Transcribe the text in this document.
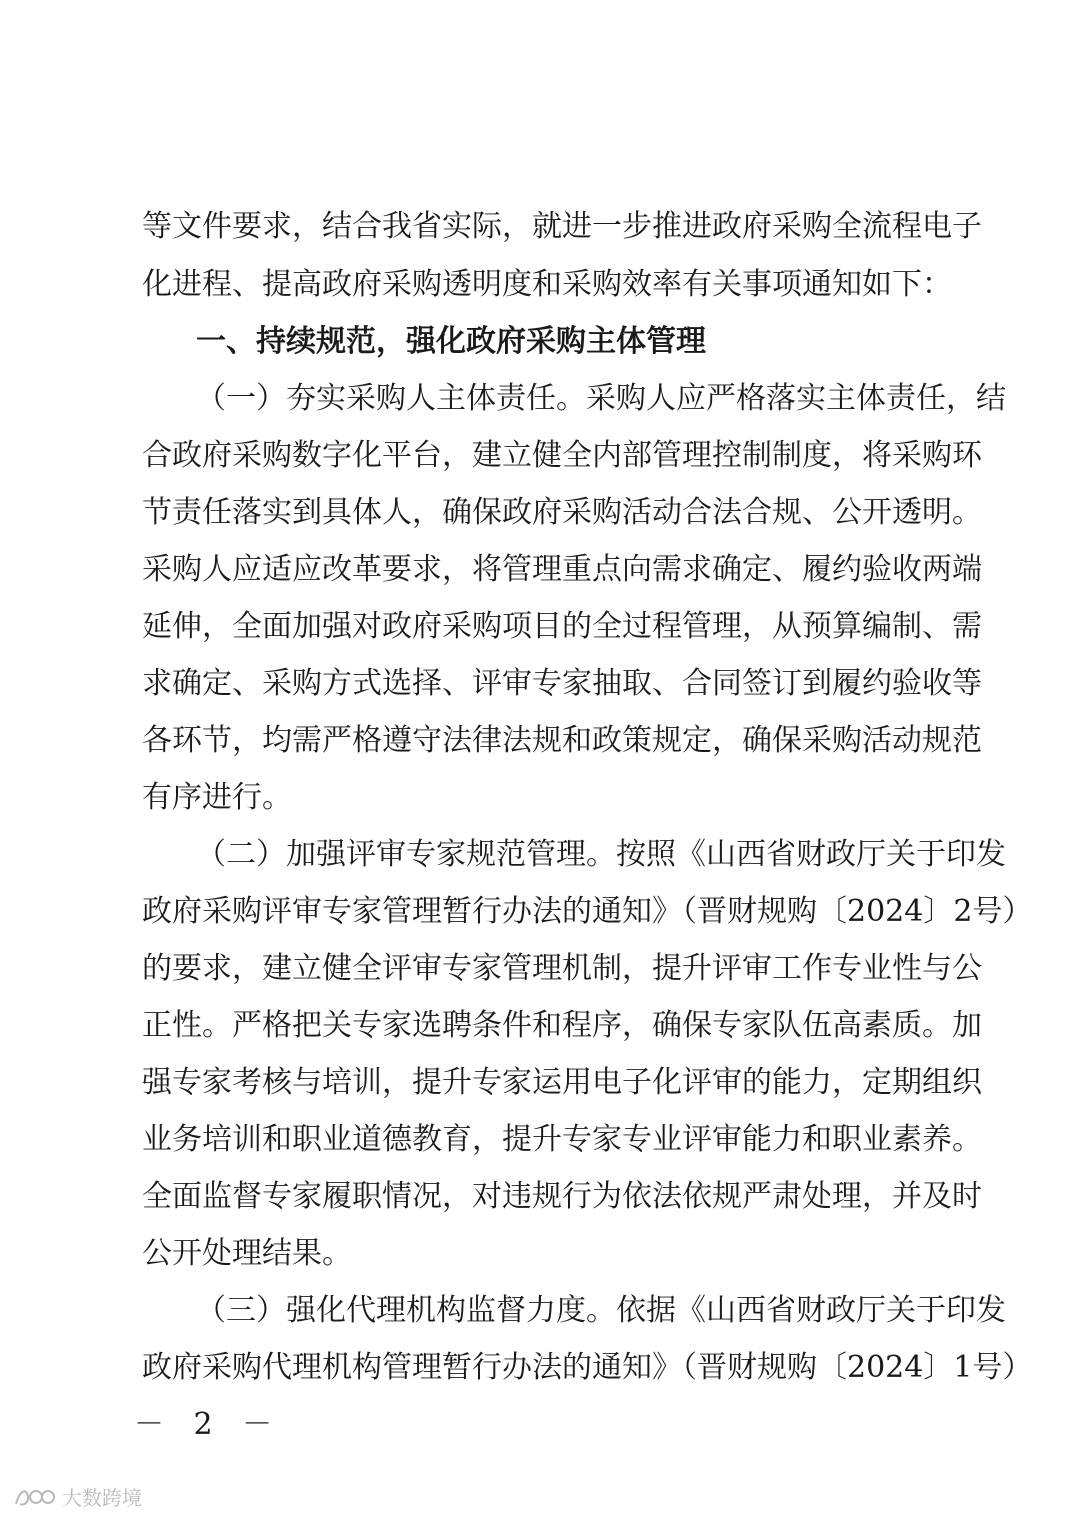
等文件要求，结合我省实际，就进一步推进政府采购全流程电子
化进程、提高政府采购透明度和采购效率有关事项通知如下：
一、持续规范，强化政府采购主体管理
（一）夯实采购人主体责任。采购人应严格落实主体责任，结
合政府采购数字化平台，建立健全内部管理控制制度，将采购环
节责任落实到具体人，确保政府采购活动合法合规、公开透明。
采购人应适应改革要求，将管理重点向需求确定、履约验收两端
延伸，全面加强对政府采购项目的全过程管理，从预算编制、需
求确定、采购方式选择、评审专家抽取、合同签订到履约验收等
各环节，均需严格遵守法律法规和政策规定，确保采购活动规范
有序进行。
（二）加强评审专家规范管理。按照《山西省财政厅关于印发
政府采购评审专家管理暂行办法的通知》（晋财规购〔2024〕2号）
的要求，建立健全评审专家管理机制，提升评审工作专业性与公
正性。严格把关专家选聘条件和程序，确保专家队伍高素质。加
强专家考核与培训，提升专家运用电子化评审的能力，定期组织
业务培训和职业道德教育，提升专家专业评审能力和职业素养。
全面监督专家履职情况，对违规行为依法依规严肃处理，并及时
公开处理结果。
（三）强化代理机构监督力度。依据《山西省财政厅关于印发
政府采购代理机构管理暂行办法的通知》（晋财规购〔2024〕1号）
－ 2 －
大数跨境
